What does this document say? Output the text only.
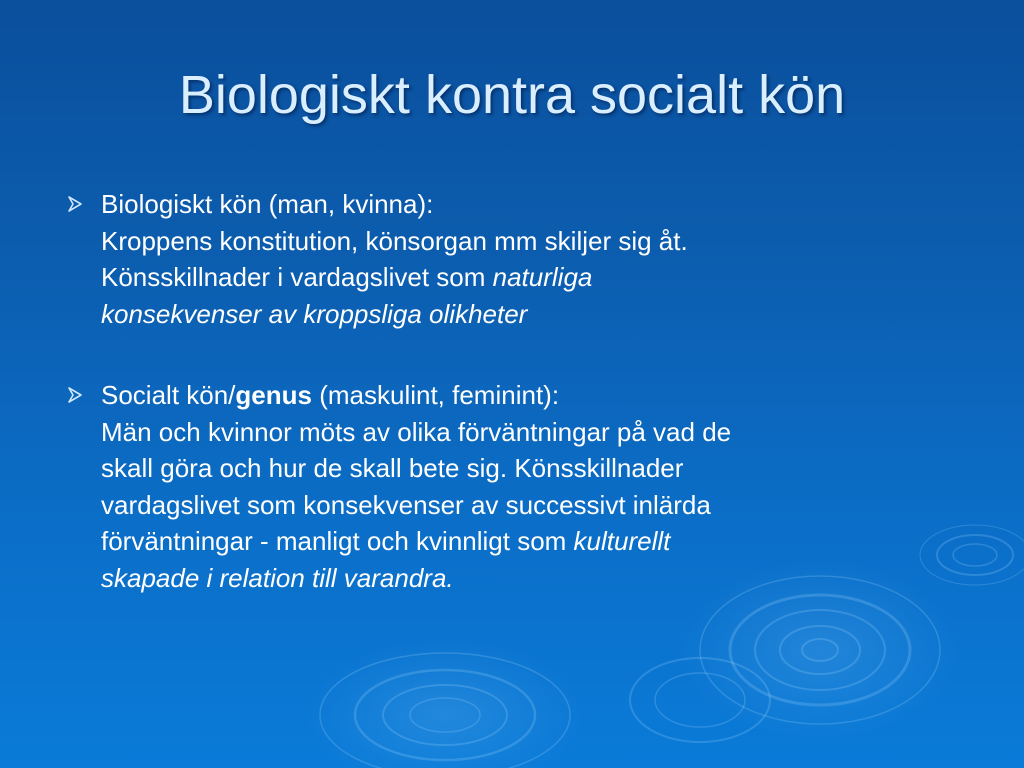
Biologiskt kontra socialt kön
Biologiskt kön (man, kvinna):
Kroppens konstitution, könsorgan mm skiljer sig åt.
Könsskillnader i vardagslivet som naturliga
konsekvenser av kroppsliga olikheter
Socialt kön/genus (maskulint, feminint):
Män och kvinnor möts av olika förväntningar på vad de
skall göra och hur de skall bete sig. Könsskillnader
vardagslivet som konsekvenser av successivt inlärda
förväntningar - manligt och kvinnligt som kulturellt
skapade i relation till varandra.
